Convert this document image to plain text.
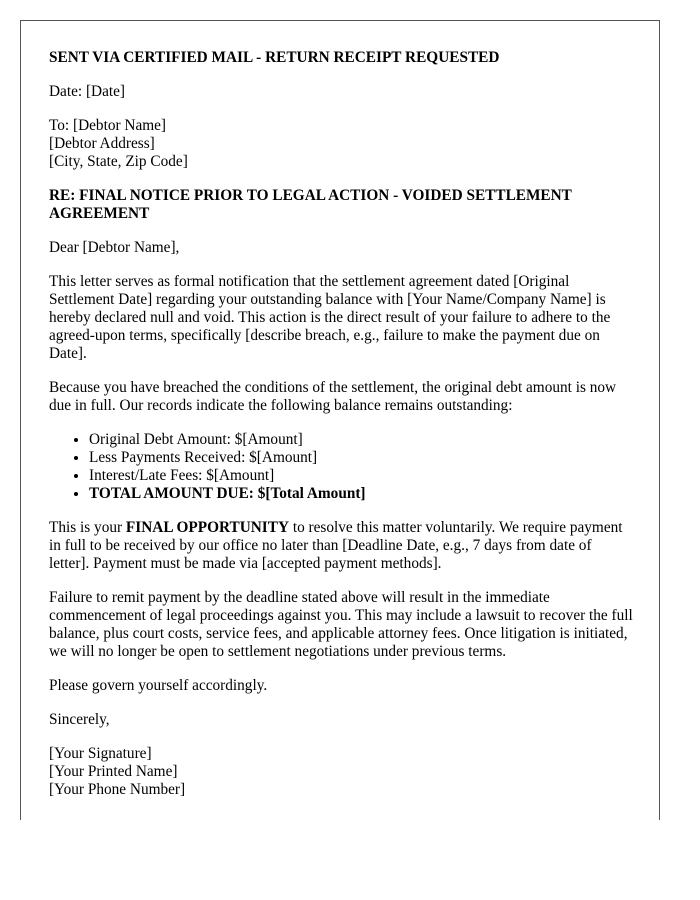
SENT VIA CERTIFIED MAIL - RETURN RECEIPT REQUESTED

Date: [Date]

To: [Debtor Name]
[Debtor Address]
[City, State, Zip Code]

RE: FINAL NOTICE PRIOR TO LEGAL ACTION - VOIDED SETTLEMENT AGREEMENT

Dear [Debtor Name],

This letter serves as formal notification that the settlement agreement dated [Original Settlement Date] regarding your outstanding balance with [Your Name/Company Name] is hereby declared null and void. This action is the direct result of your failure to adhere to the agreed-upon terms, specifically [describe breach, e.g., failure to make the payment due on Date].

Because you have breached the conditions of the settlement, the original debt amount is now due in full. Our records indicate the following balance remains outstanding:

• Original Debt Amount: $[Amount]
• Less Payments Received: $[Amount]
• Interest/Late Fees: $[Amount]
• TOTAL AMOUNT DUE: $[Total Amount]

This is your FINAL OPPORTUNITY to resolve this matter voluntarily. We require payment in full to be received by our office no later than [Deadline Date, e.g., 7 days from date of letter]. Payment must be made via [accepted payment methods].

Failure to remit payment by the deadline stated above will result in the immediate commencement of legal proceedings against you. This may include a lawsuit to recover the full balance, plus court costs, service fees, and applicable attorney fees. Once litigation is initiated, we will no longer be open to settlement negotiations under previous terms.

Please govern yourself accordingly.

Sincerely,

[Your Signature]
[Your Printed Name]
[Your Phone Number]
